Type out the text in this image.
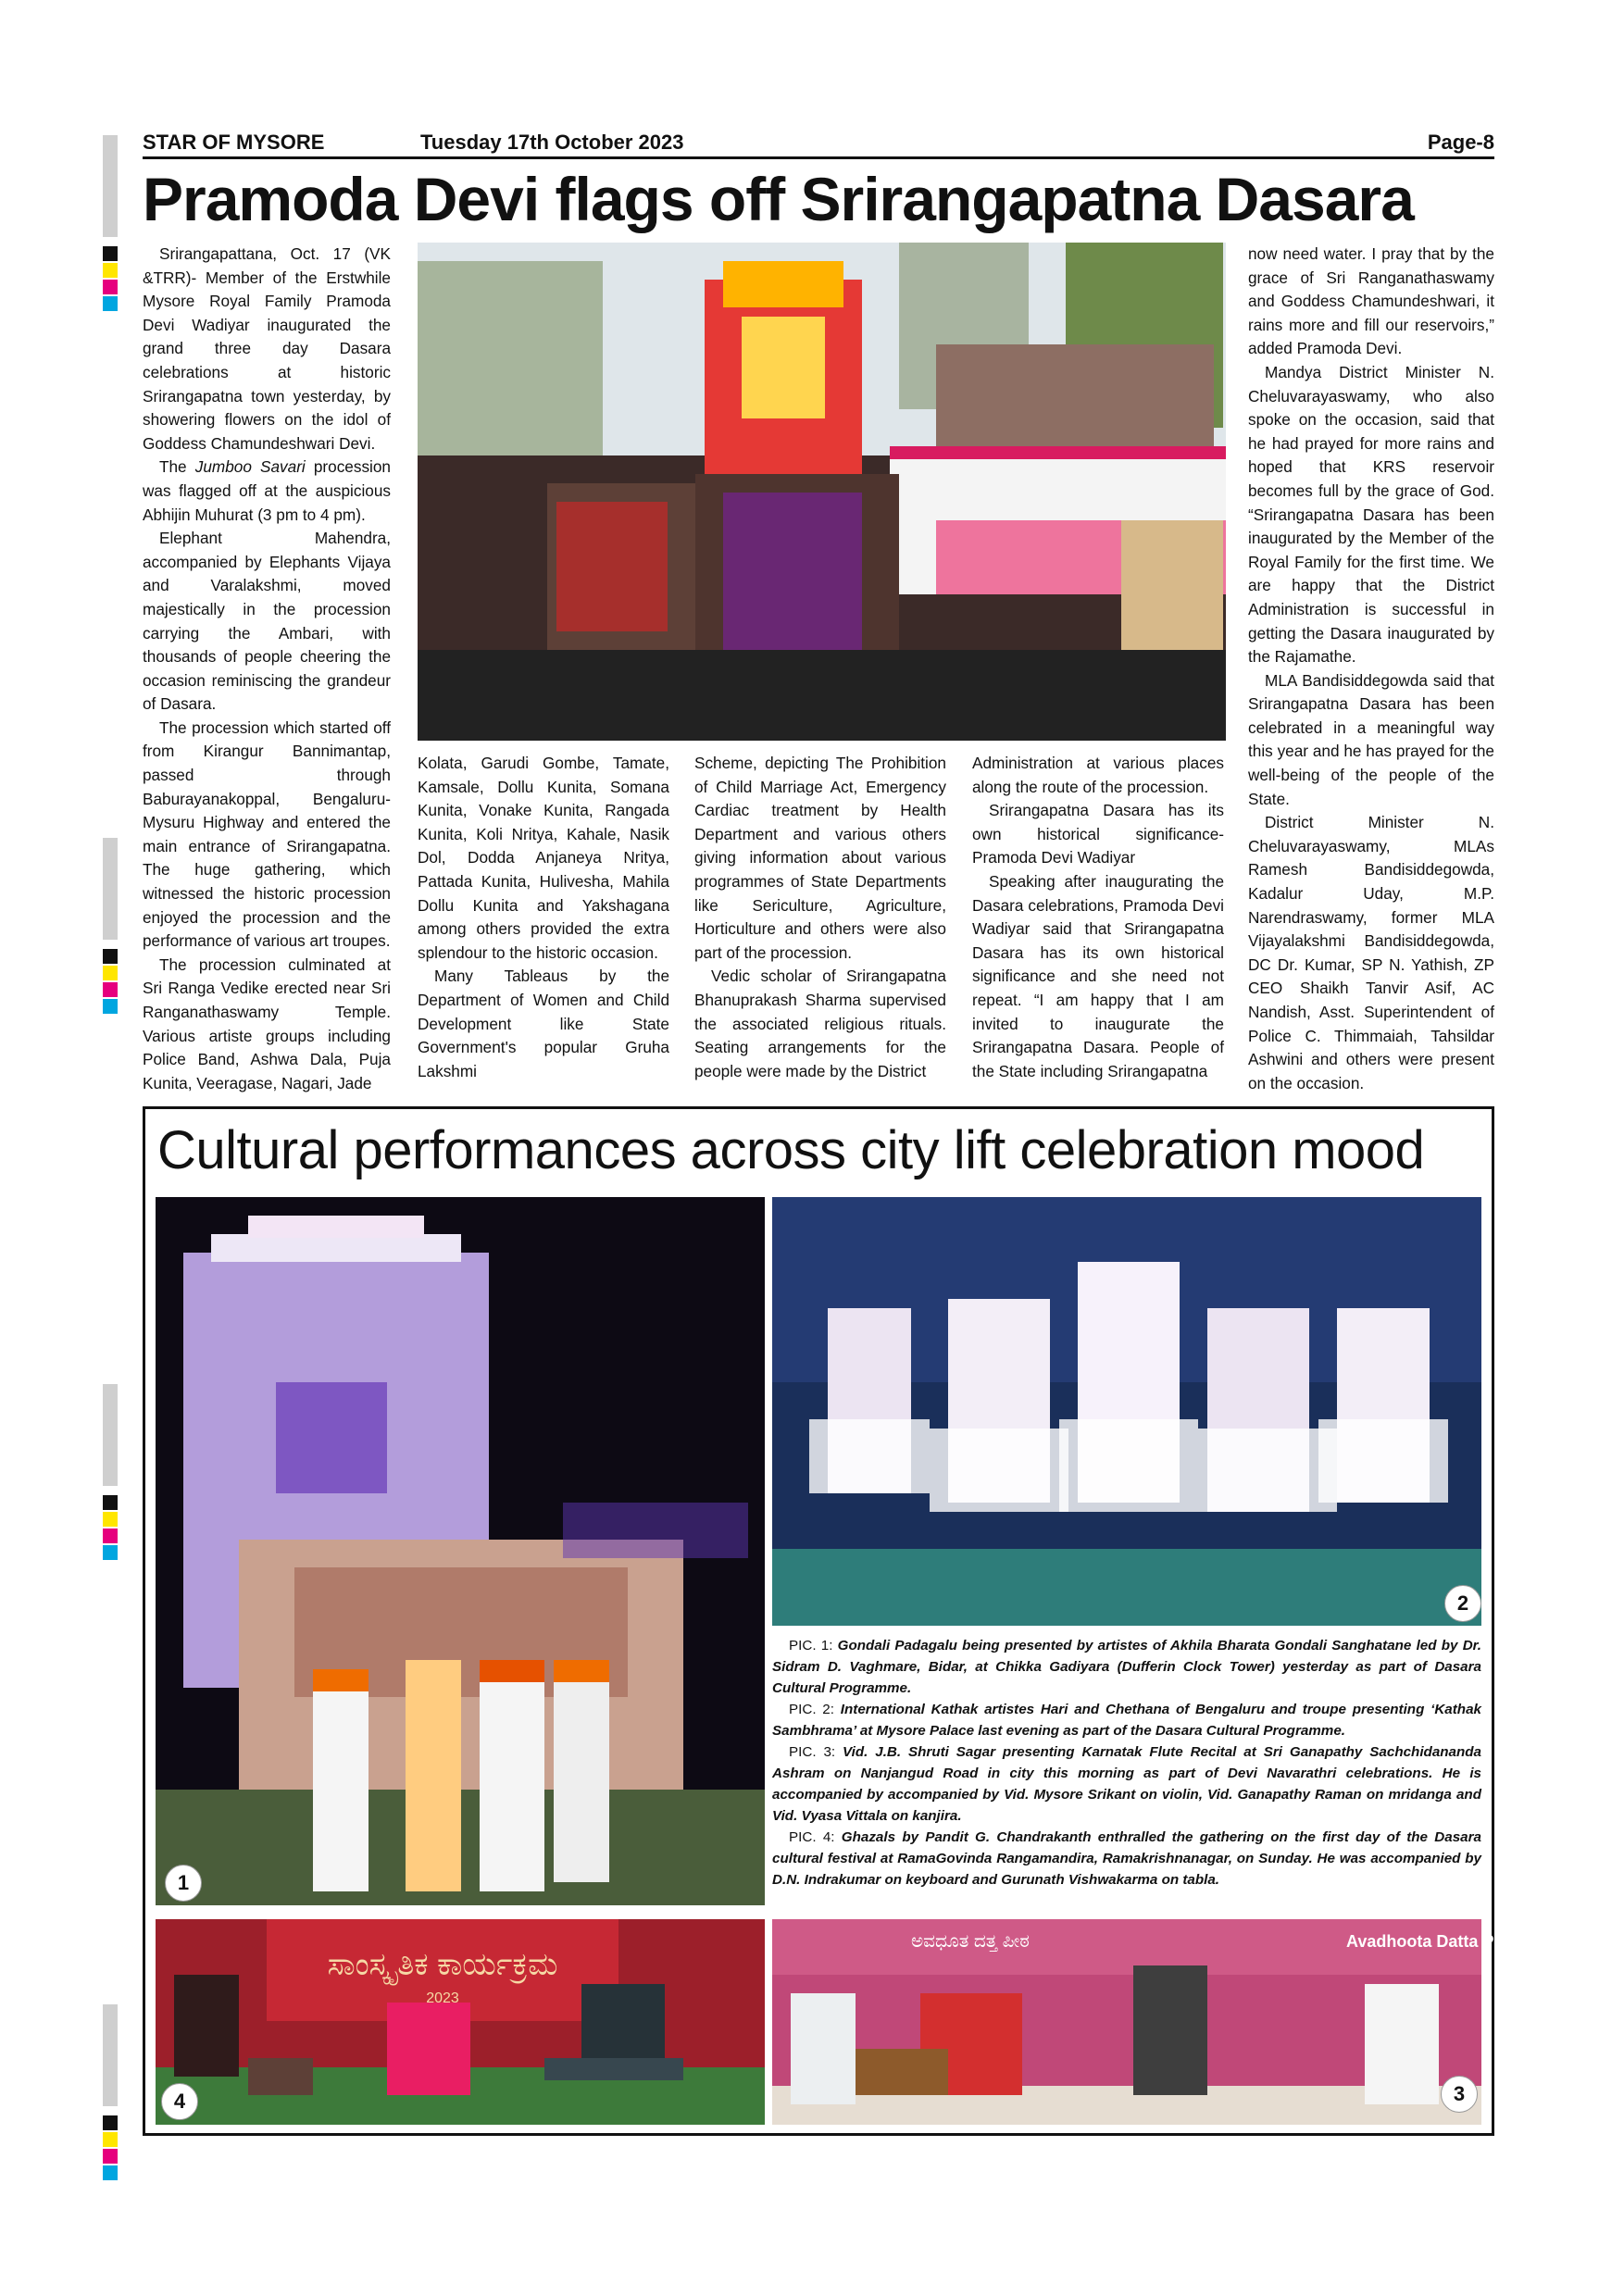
STAR OF MYSORE	Tuesday 17th October 2023	Page-8
Pramoda Devi flags off Srirangapatna Dasara

Srirangapattana, Oct. 17 (VK &TRR)- Member of the Erstwhile Mysore Royal Family Pramoda Devi Wadiyar inaugurated the grand three day Dasara celebrations at historic Srirangapatna town yesterday, by showering flowers on the idol of Goddess Chamundeshwari Devi.

The Jumboo Savari procession was flagged off at the auspicious Abhijin Muhurat (3 pm to 4 pm).

Elephant Mahendra, accompanied by Elephants Vijaya and Varalakshmi, moved majestically in the procession carrying the Ambari, with thousands of people cheering the occasion reminiscing the grandeur of Dasara.

The procession which started off from Kirangur Bannimantap, passed through Baburayanakoppal, Bengaluru-Mysuru Highway and entered the main entrance of Srirangapatna. The huge gathering, which witnessed the historic procession enjoyed the procession and the performance of various art troupes.

The procession culminated at Sri Ranga Vedike erected near Sri Ranganathaswamy Temple. Various artiste groups including Police Band, Ashwa Dala, Puja Kunita, Veeragase, Nagari, Jade

Kolata, Garudi Gombe, Tamate, Kamsale, Dollu Kunita, Somana Kunita, Vonake Kunita, Rangada Kunita, Koli Nritya, Kahale, Nasik Dol, Dodda Anjaneya Nritya, Pattada Kunita, Hulivesha, Mahila Dollu Kunita and Yakshagana among others provided the extra splendour to the historic occasion.

Many Tableaus by the Department of Women and Child Development like State Government's popular Gruha Lakshmi

Scheme, depicting The Prohibition of Child Marriage Act, Emergency Cardiac treatment by Health Department and various others giving information about various programmes of State Departments like Sericulture, Agriculture, Horticulture and others were also part of the procession.

Vedic scholar of Srirangapatna Bhanuprakash Sharma supervised the associated religious rituals. Seating arrangements for the people were made by the District

Administration at various places along the route of the procession.

Srirangapatna Dasara has its own historical significance- Pramoda Devi Wadiyar

Speaking after inaugurating the Dasara celebrations, Pramoda Devi Wadiyar said that Srirangapatna Dasara has its own historical significance and she need not repeat. “I am happy that I am invited to inaugurate the Srirangapatna Dasara. People of the State including Srirangapatna

now need water. I pray that by the grace of Sri Ranganathaswamy and Goddess Chamundeshwari, it rains more and fill our reservoirs,” added Pramoda Devi.

Mandya District Minister N. Cheluvarayaswamy, who also spoke on the occasion, said that he had prayed for more rains and hoped that KRS reservoir becomes full by the grace of God. “Srirangapatna Dasara has been inaugurated by the Member of the Royal Family for the first time. We are happy that the District Administration is successful in getting the Dasara inaugurated by the Rajamathe.

MLA Bandisiddegowda said that Srirangapatna Dasara has been celebrated in a meaningful way this year and he has prayed for the well-being of the people of the State.

District Minister N. Cheluvarayaswamy, MLAs Ramesh Bandisiddegowda, Kadalur Uday, M.P. Narendraswamy, former MLA Vijayalakshmi Bandisiddegowda, DC Dr. Kumar, SP N. Yathish, ZP CEO Shaikh Tanvir Asif, AC Nandish, Asst. Superintendent of Police C. Thimmaiah, Tahsildar Ashwini and others were present on the occasion.

Cultural performances across city lift celebration mood
1
2

PIC. 1: Gondali Padagalu being presented by artistes of Akhila Bharata Gondali Sanghatane led by Dr. Sidram D. Vaghmare, Bidar, at Chikka Gadiyara (Dufferin Clock Tower) yesterday as part of Dasara Cultural Programme.

PIC. 2: International Kathak artistes Hari and Chethana of Bengaluru and troupe presenting ‘Kathak Sambhrama’ at Mysore Palace last evening as part of the Dasara Cultural Programme.

PIC. 3: Vid. J.B. Shruti Sagar presenting Karnatak Flute Recital at Sri Ganapathy Sachchidananda Ashram on Nanjangud Road in city this morning as part of Devi Navarathri celebrations. He is accompanied by accompanied by Vid. Mysore Srikant on violin, Vid. Ganapathy Raman on mridanga and Vid. Vyasa Vittala on kanjira.

PIC. 4: Ghazals by Pandit G. Chandrakanth enthralled the gathering on the first day of the Dasara cultural festival at RamaGovinda Rangamandira, Ramakrishnanagar, on Sunday. He was accompanied by D.N. Indrakumar on keyboard and Gurunath Vishwakarma on tabla.

ಸಾಂಸ್ಕೃತಿಕ ಕಾರ್ಯಕ್ರಮ
2023
4
ಅವಧೂತ ದತ್ತ ಪೀಠ	Avadhoota Datta Peetham
3
